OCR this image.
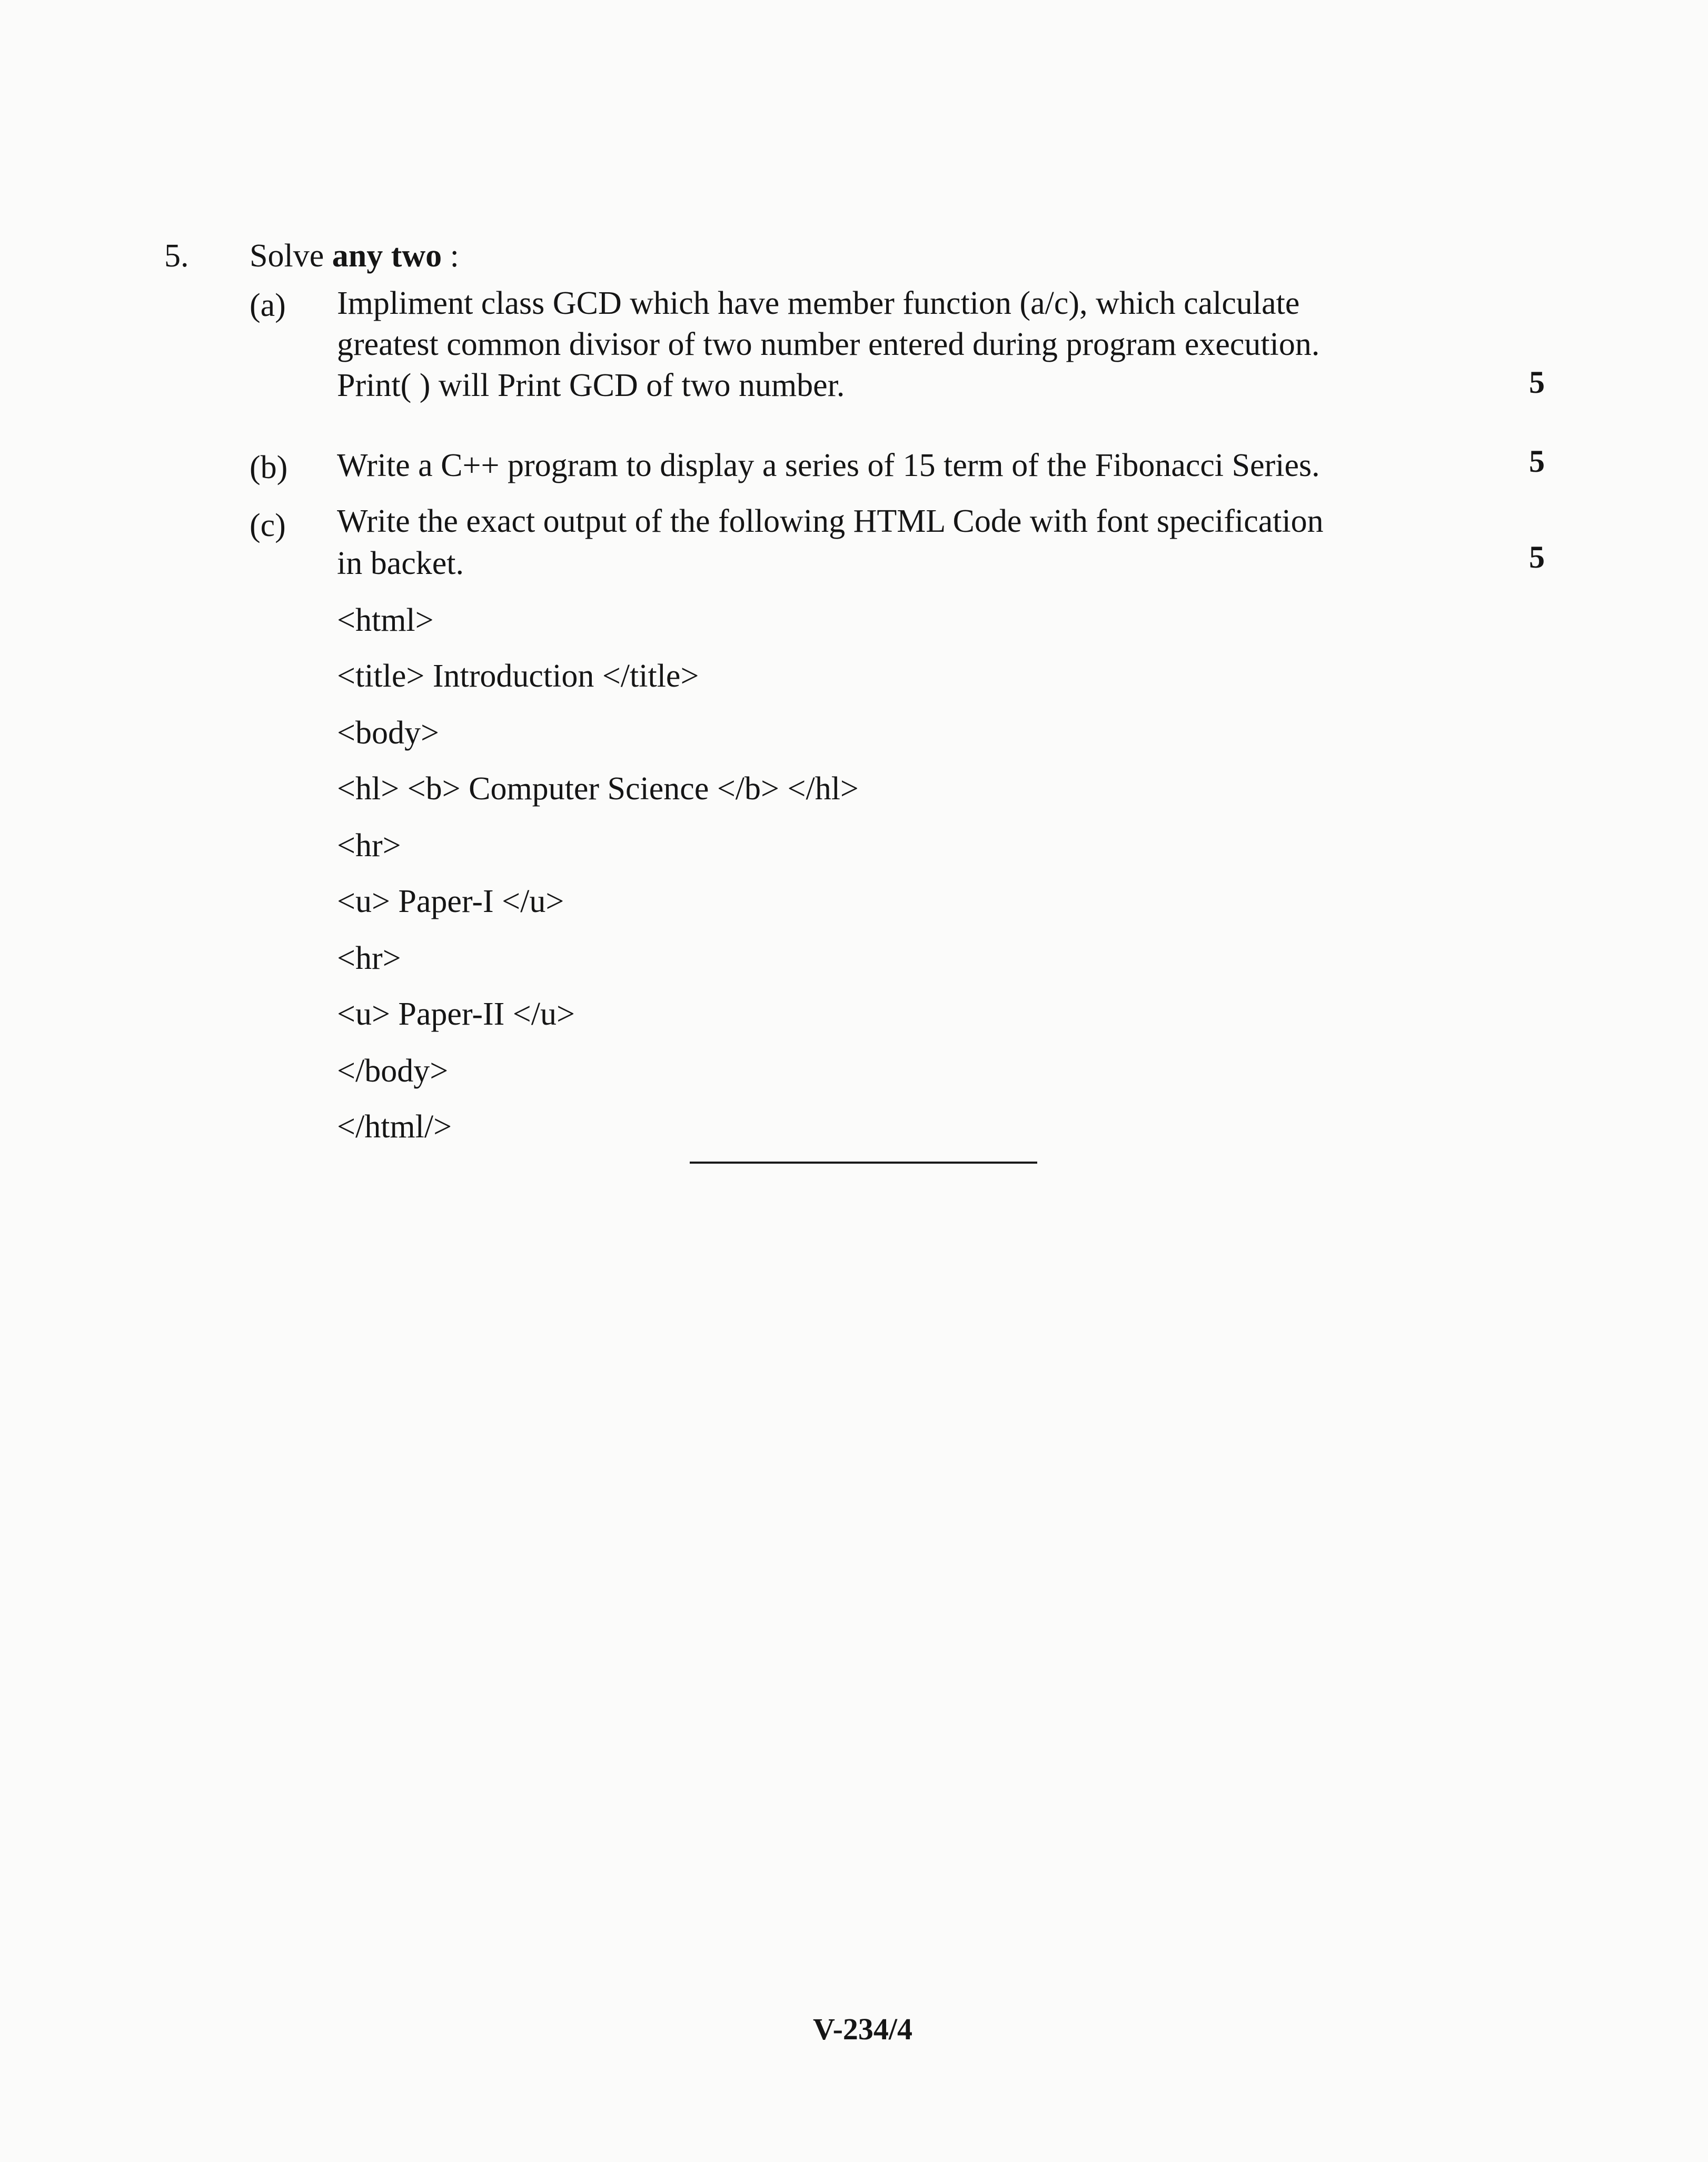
5. Solve any two :
(a) Impliment class GCD which have member function (a/c), which calculate
greatest common divisor of two number entered during program execution.
Print( ) will Print GCD of two number.	5
(b) Write a C++ program to display a series of 15 term of the Fibonacci Series.	5
(c) Write the exact output of the following HTML Code with font specification
in backet.	5
<html>
<title> Introduction </title>
<body>
<hl> <b> Computer Science </b> </hl>
<hr>
<u> Paper-I </u>
<hr>
<u> Paper-II </u>
</body>
</html/>
V-234/4
